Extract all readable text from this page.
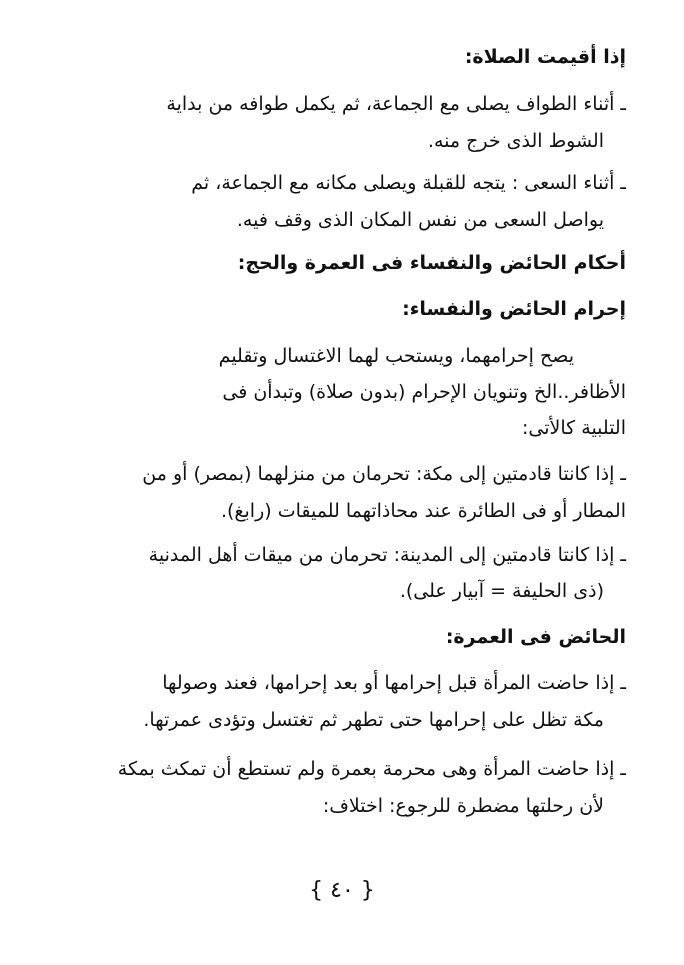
إذا أقيمت الصلاة:
ـ أثناء الطواف يصلى مع الجماعة، ثم يكمل طوافه من بداية
الشوط الذى خرج منه.
ـ أثناء السعى : يتجه للقبلة ويصلى مكانه مع الجماعة، ثم
يواصل السعى من نفس المكان الذى وقف فيه.
أحكام الحائض والنفساء فى العمرة والحج:
إحرام الحائض والنفساء:
يصح إحرامهما، ويستحب لهما الاغتسال وتقليم
الأظافر..الخ وتنويان الإحرام (بدون صلاة) وتبدأن فى
التلبية كالأتى:
ـ إذا كانتا قادمتين إلى مكة: تحرمان من منزلهما (بمصر) أو من
المطار أو فى الطائرة عند محاذاتهما للميقات (رابغ).
ـ إذا كانتا قادمتين إلى المدينة: تحرمان من ميقات أهل المدنية
(ذى الحليفة = آبيار على).
الحائض فى العمرة:
ـ إذا حاضت المرأة قبل إحرامها أو بعد إحرامها، فعند وصولها
مكة تظل على إحرامها حتى تطهر ثم تغتسل وتؤدى عمرتها.
ـ إذا حاضت المرأة وهى محرمة بعمرة ولم تستطع أن تمكث بمكة
لأن رحلتها مضطرة للرجوع: اختلاف:
{ ٤٠ }
